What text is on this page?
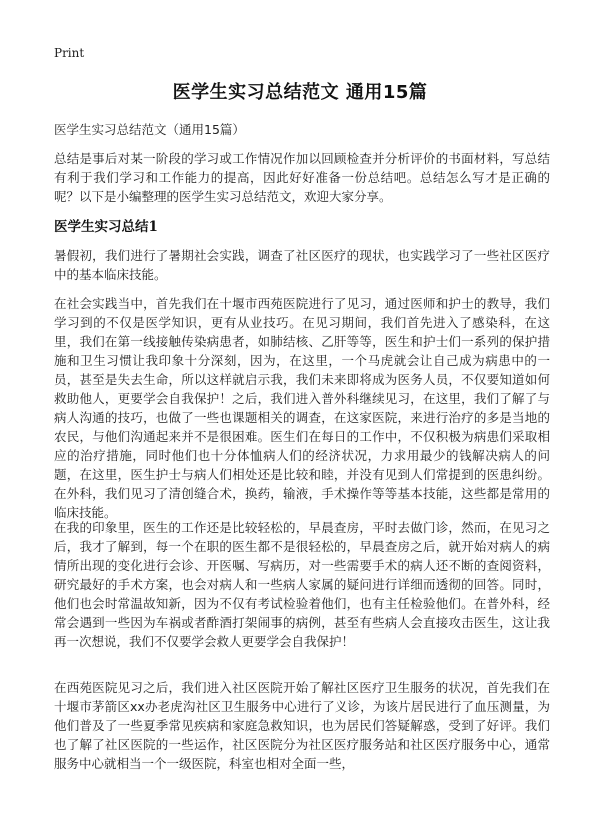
Print
医学生实习总结范文 通用15篇
医学生实习总结范文（通用15篇）

总结是事后对某一阶段的学习或工作情况作加以回顾检查并分析评价的书面材料，写总结有利于我们学习和工作能力的提高，因此好好准备一份总结吧。总结怎么写才是正确的呢？以下是小编整理的医学生实习总结范文，欢迎大家分享。

医学生实习总结1

暑假初，我们进行了暑期社会实践，调查了社区医疗的现状，也实践学习了一些社区医疗中的基本临床技能。

在社会实践当中，首先我们在十堰市西苑医院进行了见习，通过医师和护士的教导，我们学习到的不仅是医学知识，更有从业技巧。在见习期间，我们首先进入了感染科，在这里，我们在第一线接触传染病患者，如肺结核、乙肝等等，医生和护士们一系列的保护措施和卫生习惯让我印象十分深刻，因为，在这里，一个马虎就会让自己成为病患中的一员，甚至是失去生命，所以这样就启示我，我们未来即将成为医务人员，不仅要知道如何救助他人，更要学会自我保护！之后，我们进入普外科继续见习，在这里，我们了解了与病人沟通的技巧，也做了一些也课题相关的调查，在这家医院，来进行治疗的多是当地的农民，与他们沟通起来并不是很困难。医生们在每日的工作中，不仅积极为病患们采取相应的治疗措施，同时他们也十分体恤病人们的经济状况，力求用最少的钱解决病人的问题，在这里，医生护士与病人们相处还是比较和睦，并没有见到人们常提到的医患纠纷。在外科，我们见习了清创缝合术，换药，输液，手术操作等等基本技能，这些都是常用的临床技能。

在我的印象里，医生的工作还是比较轻松的，早晨查房，平时去做门诊，然而，在见习之后，我才了解到，每一个在职的医生都不是很轻松的，早晨查房之后，就开始对病人的病情所出现的变化进行会诊、开医嘱、写病历，对一些需要手术的病人还不断的查阅资料，研究最好的手术方案，也会对病人和一些病人家属的疑问进行详细而透彻的回答。同时，他们也会时常温故知新，因为不仅有考试检验着他们，也有主任检验他们。在普外科，经常会遇到一些因为车祸或者酢酒打架闹事的病例，甚至有些病人会直接攻击医生，这让我再一次想说，我们不仅要学会救人更要学会自我保护！

在西苑医院见习之后，我们进入社区医院开始了解社区医疗卫生服务的状况，首先我们在十堰市茅箭区xx办老虎沟社区卫生服务中心进行了义诊，为该片居民进行了血压测量，为他们普及了一些夏季常见疾病和家庭急救知识，也为居民们答疑解惑，受到了好评。我们也了解了社区医院的一些运作，社区医院分为社区医疗服务站和社区医疗服务中心，通常服务中心就相当一个一级医院，科室也相对全面一些，
